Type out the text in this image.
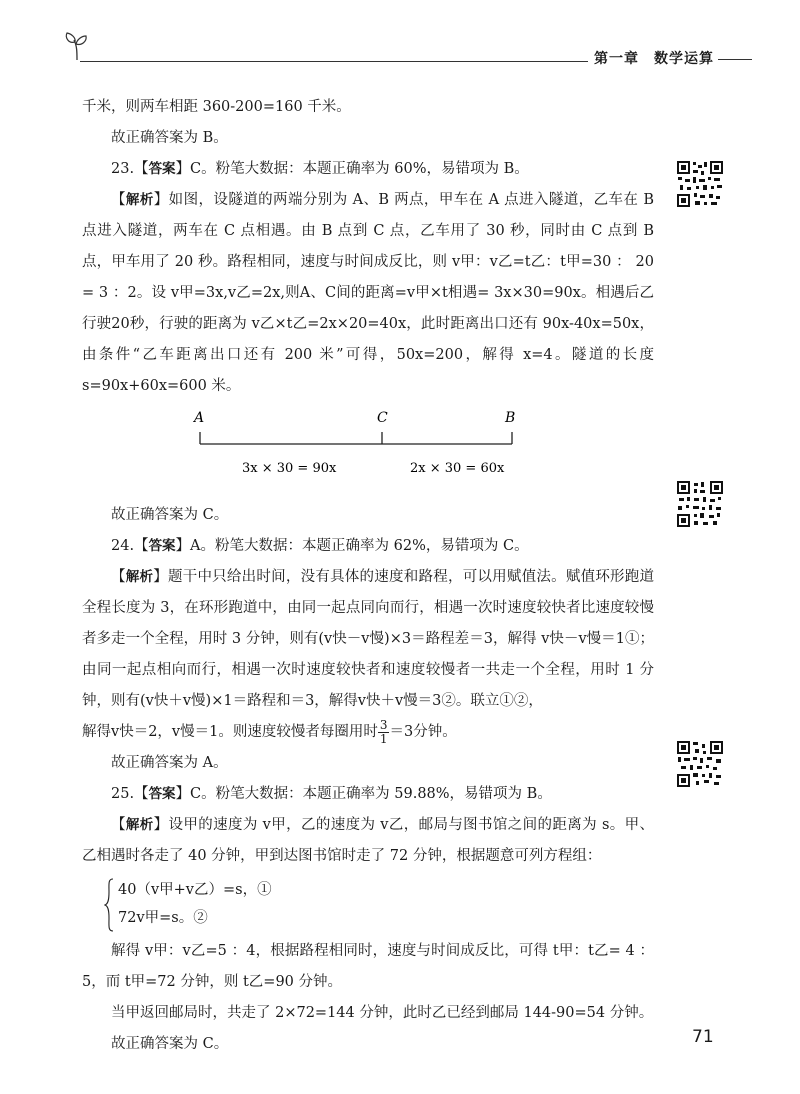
第一章　数学运算

千米，则两车相距 360-200=160 千米。

故正确答案为 B。

23.【答案】C。粉笔大数据：本题正确率为 60%，易错项为 B。

【解析】如图，设隧道的两端分别为 A、B 两点，甲车在 A 点进入隧道，乙车在 B 点进入隧道，两车在 C 点相遇。由 B 点到 C 点，乙车用了 30 秒，同时由 C 点到 B 点，甲车用了 20 秒。路程相同，速度与时间成反比，则 v甲：v乙=t乙：t甲=30 ： 20 = 3 ：2。设 v甲=3x,v乙=2x,则A、C间的距离=v甲×t相遇= 3x×30=90x。相遇后乙行驶20秒，行驶的距离为 v乙×t乙=2x×20=40x，此时距离出口还有 90x-40x=50x，由条件“乙车距离出口还有 200 米”可得，50x=200，解得 x=4。隧道的长度 s=90x+60x=600 米。

A	C	B
3x × 30 = 90x	2x × 30 = 60x

故正确答案为 C。

24.【答案】A。粉笔大数据：本题正确率为 62%，易错项为 C。

【解析】题干中只给出时间，没有具体的速度和路程，可以用赋值法。赋值环形跑道全程长度为 3，在环形跑道中，由同一起点同向而行，相遇一次时速度较快者比速度较慢者多走一个全程，用时 3 分钟，则有(v快－v慢)×3＝路程差＝3，解得 v快－v慢＝1①；由同一起点相向而行，相遇一次时速度较快者和速度较慢者一共走一个全程，用时 1 分钟，则有(v快＋v慢)×1＝路程和＝3，解得v快＋v慢＝3②。联立①②，

解得v快＝2，v慢＝1。则速度较慢者每圈用时 $\frac{3}{1} =3$分钟。

故正确答案为 A。

25.【答案】C。粉笔大数据：本题正确率为 59.88%，易错项为 B。

【解析】设甲的速度为 v甲，乙的速度为 v乙，邮局与图书馆之间的距离为 s。甲、乙相遇时各走了 40 分钟，甲到达图书馆时走了 72 分钟，根据题意可列方程组：

40（v甲+v乙）=s，①
72v甲=s。②

解得 v甲：v乙=5 ：4，根据路程相同时，速度与时间成反比，可得 t甲：t乙= 4 ：5，而 t甲=72 分钟，则 t乙=90 分钟。

当甲返回邮局时，共走了 2×72=144 分钟，此时乙已经到邮局 144-90=54 分钟。

故正确答案为 C。	71
